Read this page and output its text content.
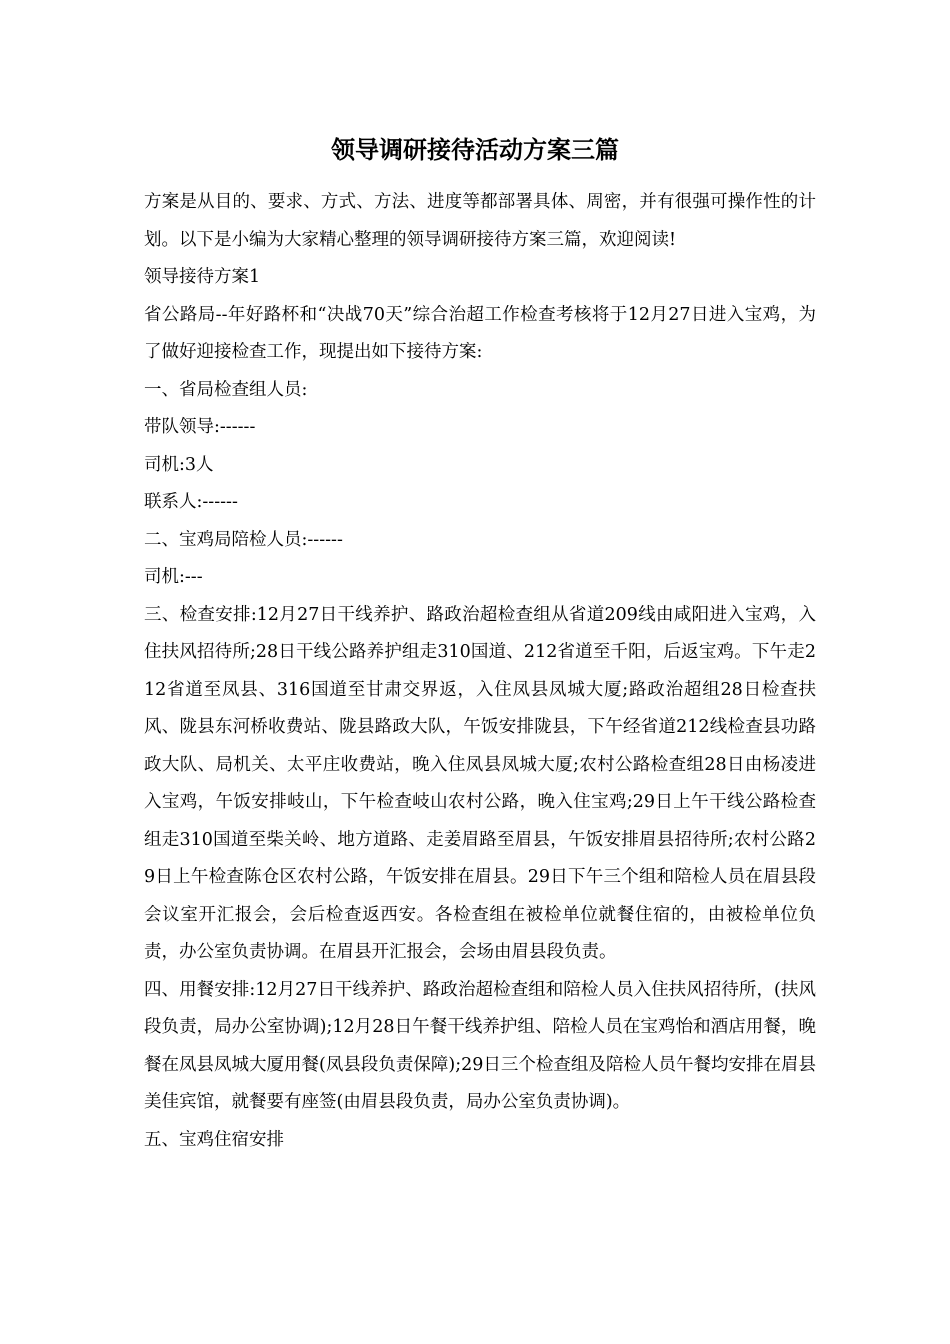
领导调研接待活动方案三篇

方案是从目的、要求、方式、方法、进度等都部署具体、周密，并有很强可操作性的计划。以下是小编为大家精心整理的领导调研接待方案三篇，欢迎阅读!

领导接待方案1

省公路局--年好路杯和“决战70天”综合治超工作检查考核将于12月27日进入宝鸡，为了做好迎接检查工作，现提出如下接待方案:

一、省局检查组人员:

带队领导:------

司机:3人

联系人:------

二、宝鸡局陪检人员:------

司机:---

三、检查安排:12月27日干线养护、路政治超检查组从省道209线由咸阳进入宝鸡，入住扶风招待所;28日干线公路养护组走310国道、212省道至千阳，后返宝鸡。下午走212省道至凤县、316国道至甘肃交界返，入住凤县凤城大厦;路政治超组28日检查扶风、陇县东河桥收费站、陇县路政大队，午饭安排陇县，下午经省道212线检查县功路政大队、局机关、太平庄收费站，晚入住凤县凤城大厦;农村公路检查组28日由杨凌进入宝鸡，午饭安排岐山，下午检查岐山农村公路，晚入住宝鸡;29日上午干线公路检查组走310国道至柴关岭、地方道路、走姜眉路至眉县，午饭安排眉县招待所;农村公路29日上午检查陈仓区农村公路，午饭安排在眉县。29日下午三个组和陪检人员在眉县段会议室开汇报会，会后检查返西安。各检查组在被检单位就餐住宿的，由被检单位负责，办公室负责协调。在眉县开汇报会，会场由眉县段负责。

四、用餐安排:12月27日干线养护、路政治超检查组和陪检人员入住扶风招待所，(扶风段负责，局办公室协调);12月28日午餐干线养护组、陪检人员在宝鸡怡和酒店用餐，晚餐在凤县凤城大厦用餐(凤县段负责保障);29日三个检查组及陪检人员午餐均安排在眉县美佳宾馆，就餐要有座签(由眉县段负责，局办公室负责协调)。

五、宝鸡住宿安排
